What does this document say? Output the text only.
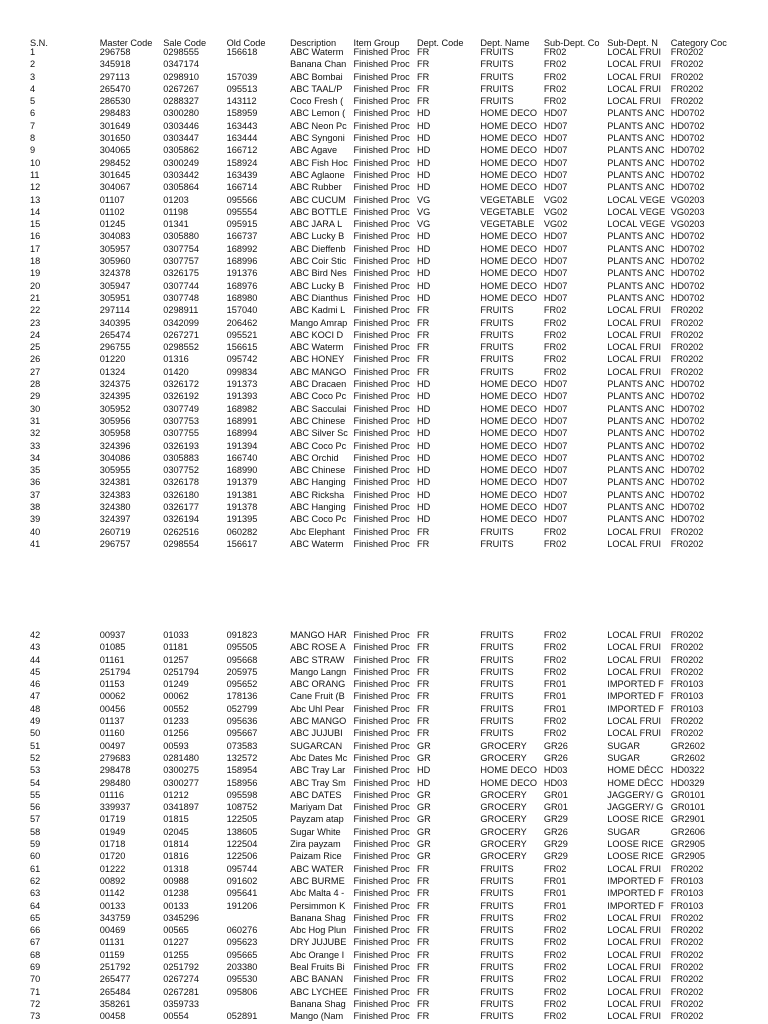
S.N.	Master Code	Sale Code	Old Code	Description	Item Group	Dept. Code	Dept. Name	Sub-Dept. Co	Sub-Dept. N	Category Coc
1	296758	0298555	156618	ABC Waterm	Finished Proc	FR	FRUITS	FR02	LOCAL FRUI	FR0202
2	345918	0347174		Banana Chan	Finished Proc	FR	FRUITS	FR02	LOCAL FRUI	FR0202
3	297113	0298910	157039	ABC Bombai	Finished Proc	FR	FRUITS	FR02	LOCAL FRUI	FR0202
4	265470	0267267	095513	ABC TAAL/P	Finished Proc	FR	FRUITS	FR02	LOCAL FRUI	FR0202
5	286530	0288327	143112	Coco Fresh (	Finished Proc	FR	FRUITS	FR02	LOCAL FRUI	FR0202
6	298483	0300280	158959	ABC Lemon (	Finished Proc	HD	HOME DECO	HD07	PLANTS ANC	HD0702
7	301649	0303446	163443	ABC Neon Pc	Finished Proc	HD	HOME DECO	HD07	PLANTS ANC	HD0702
8	301650	0303447	163444	ABC Syngoni	Finished Proc	HD	HOME DECO	HD07	PLANTS ANC	HD0702
9	304065	0305862	166712	ABC Agave	Finished Proc	HD	HOME DECO	HD07	PLANTS ANC	HD0702
10	298452	0300249	158924	ABC Fish Hoc	Finished Proc	HD	HOME DECO	HD07	PLANTS ANC	HD0702
11	301645	0303442	163439	ABC Aglaone	Finished Proc	HD	HOME DECO	HD07	PLANTS ANC	HD0702
12	304067	0305864	166714	ABC Rubber	Finished Proc	HD	HOME DECO	HD07	PLANTS ANC	HD0702
13	01107	01203	095566	ABC CUCUM	Finished Proc	VG	VEGETABLE	VG02	LOCAL VEGE	VG0203
14	01102	01198	095554	ABC BOTTLE	Finished Proc	VG	VEGETABLE	VG02	LOCAL VEGE	VG0203
15	01245	01341	095915	ABC JARA L	Finished Proc	VG	VEGETABLE	VG02	LOCAL VEGE	VG0203
16	304083	0305880	166737	ABC Lucky B	Finished Proc	HD	HOME DECO	HD07	PLANTS ANC	HD0702
17	305957	0307754	168992	ABC Dieffenb	Finished Proc	HD	HOME DECO	HD07	PLANTS ANC	HD0702
18	305960	0307757	168996	ABC Coir Stic	Finished Proc	HD	HOME DECO	HD07	PLANTS ANC	HD0702
19	324378	0326175	191376	ABC Bird Nes	Finished Proc	HD	HOME DECO	HD07	PLANTS ANC	HD0702
20	305947	0307744	168976	ABC Lucky B	Finished Proc	HD	HOME DECO	HD07	PLANTS ANC	HD0702
21	305951	0307748	168980	ABC Dianthus	Finished Proc	HD	HOME DECO	HD07	PLANTS ANC	HD0702
22	297114	0298911	157040	ABC Kadmi L	Finished Proc	FR	FRUITS	FR02	LOCAL FRUI	FR0202
23	340395	0342099	206462	Mango Amrap	Finished Proc	FR	FRUITS	FR02	LOCAL FRUI	FR0202
24	265474	0267271	095521	ABC KOCI D	Finished Proc	FR	FRUITS	FR02	LOCAL FRUI	FR0202
25	296755	0298552	156615	ABC Waterm	Finished Proc	FR	FRUITS	FR02	LOCAL FRUI	FR0202
26	01220	01316	095742	ABC HONEY	Finished Proc	FR	FRUITS	FR02	LOCAL FRUI	FR0202
27	01324	01420	099834	ABC MANGO	Finished Proc	FR	FRUITS	FR02	LOCAL FRUI	FR0202
28	324375	0326172	191373	ABC Dracaen	Finished Proc	HD	HOME DECO	HD07	PLANTS ANC	HD0702
29	324395	0326192	191393	ABC Coco Pc	Finished Proc	HD	HOME DECO	HD07	PLANTS ANC	HD0702
30	305952	0307749	168982	ABC Sacculai	Finished Proc	HD	HOME DECO	HD07	PLANTS ANC	HD0702
31	305956	0307753	168991	ABC Chinese	Finished Proc	HD	HOME DECO	HD07	PLANTS ANC	HD0702
32	305958	0307755	168994	ABC Silver Sc	Finished Proc	HD	HOME DECO	HD07	PLANTS ANC	HD0702
33	324396	0326193	191394	ABC Coco Pc	Finished Proc	HD	HOME DECO	HD07	PLANTS ANC	HD0702
34	304086	0305883	166740	ABC Orchid	Finished Proc	HD	HOME DECO	HD07	PLANTS ANC	HD0702
35	305955	0307752	168990	ABC Chinese	Finished Proc	HD	HOME DECO	HD07	PLANTS ANC	HD0702
36	324381	0326178	191379	ABC Hanging	Finished Proc	HD	HOME DECO	HD07	PLANTS ANC	HD0702
37	324383	0326180	191381	ABC Ricksha	Finished Proc	HD	HOME DECO	HD07	PLANTS ANC	HD0702
38	324380	0326177	191378	ABC Hanging	Finished Proc	HD	HOME DECO	HD07	PLANTS ANC	HD0702
39	324397	0326194	191395	ABC Coco Pc	Finished Proc	HD	HOME DECO	HD07	PLANTS ANC	HD0702
40	260719	0262516	060282	Abc Elephant	Finished Proc	FR	FRUITS	FR02	LOCAL FRUI	FR0202
41	296757	0298554	156617	ABC Waterm	Finished Proc	FR	FRUITS	FR02	LOCAL FRUI	FR0202
42	00937	01033	091823	MANGO HAR	Finished Proc	FR	FRUITS	FR02	LOCAL FRUI	FR0202
43	01085	01181	095505	ABC ROSE A	Finished Proc	FR	FRUITS	FR02	LOCAL FRUI	FR0202
44	01161	01257	095668	ABC STRAW	Finished Proc	FR	FRUITS	FR02	LOCAL FRUI	FR0202
45	251794	0251794	205975	Mango Langn	Finished Proc	FR	FRUITS	FR02	LOCAL FRUI	FR0202
46	01153	01249	095652	ABC ORANG	Finished Proc	FR	FRUITS	FR01	IMPORTED F	FR0103
47	00062	00062	178136	Cane Fruit (B	Finished Proc	FR	FRUITS	FR01	IMPORTED F	FR0103
48	00456	00552	052799	Abc Uhl Pear	Finished Proc	FR	FRUITS	FR01	IMPORTED F	FR0103
49	01137	01233	095636	ABC MANGO	Finished Proc	FR	FRUITS	FR02	LOCAL FRUI	FR0202
50	01160	01256	095667	ABC JUJUBI	Finished Proc	FR	FRUITS	FR02	LOCAL FRUI	FR0202
51	00497	00593	073583	SUGARCAN	Finished Proc	GR	GROCERY	GR26	SUGAR	GR2602
52	279683	0281480	132572	Abc Dates Mc	Finished Proc	GR	GROCERY	GR26	SUGAR	GR2602
53	298478	0300275	158954	ABC Tray Lar	Finished Proc	HD	HOME DECO	HD03	HOME DÉCC	HD0322
54	298480	0300277	158956	ABC Tray Sm	Finished Proc	HD	HOME DECO	HD03	HOME DÉCC	HD0329
55	01116	01212	095598	ABC DATES	Finished Proc	GR	GROCERY	GR01	JAGGERY/ G	GR0101
56	339937	0341897	108752	Mariyam Dat	Finished Proc	GR	GROCERY	GR01	JAGGERY/ G	GR0101
57	01719	01815	122505	Payzam atap	Finished Proc	GR	GROCERY	GR29	LOOSE RICE	GR2901
58	01949	02045	138605	Sugar White	Finished Proc	GR	GROCERY	GR26	SUGAR	GR2606
59	01718	01814	122504	Zira payzam	Finished Proc	GR	GROCERY	GR29	LOOSE RICE	GR2905
60	01720	01816	122506	Paizam Rice	Finished Proc	GR	GROCERY	GR29	LOOSE RICE	GR2905
61	01222	01318	095744	ABC WATER	Finished Proc	FR	FRUITS	FR02	LOCAL FRUI	FR0202
62	00892	00988	091602	ABC BURME	Finished Proc	FR	FRUITS	FR01	IMPORTED F	FR0103
63	01142	01238	095641	Abc Malta 4 -	Finished Proc	FR	FRUITS	FR01	IMPORTED F	FR0103
64	00133	00133	191206	Persimmon K	Finished Proc	FR	FRUITS	FR01	IMPORTED F	FR0103
65	343759	0345296		Banana Shag	Finished Proc	FR	FRUITS	FR02	LOCAL FRUI	FR0202
66	00469	00565	060276	Abc Hog Plun	Finished Proc	FR	FRUITS	FR02	LOCAL FRUI	FR0202
67	01131	01227	095623	DRY JUJUBE	Finished Proc	FR	FRUITS	FR02	LOCAL FRUI	FR0202
68	01159	01255	095665	Abc Orange I	Finished Proc	FR	FRUITS	FR02	LOCAL FRUI	FR0202
69	251792	0251792	203380	Beal Fruits Bi	Finished Proc	FR	FRUITS	FR02	LOCAL FRUI	FR0202
70	265477	0267274	095530	ABC BANAN	Finished Proc	FR	FRUITS	FR02	LOCAL FRUI	FR0202
71	265484	0267281	095806	ABC LYCHEE	Finished Proc	FR	FRUITS	FR02	LOCAL FRUI	FR0202
72	358261	0359733		Banana Shag	Finished Proc	FR	FRUITS	FR02	LOCAL FRUI	FR0202
73	00458	00554	052891	Mango (Nam	Finished Proc	FR	FRUITS	FR02	LOCAL FRUI	FR0202
